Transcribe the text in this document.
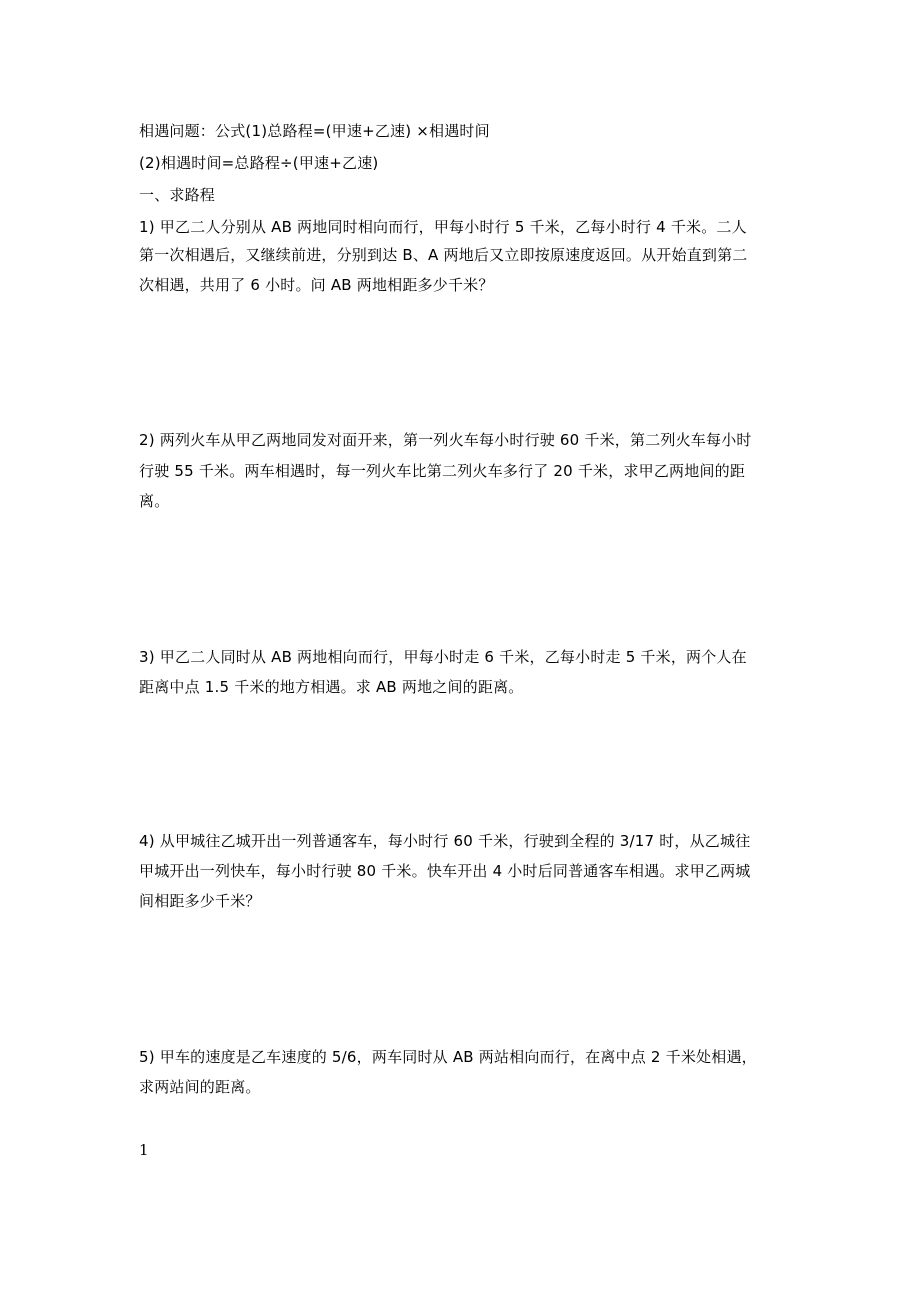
相遇问题：公式(1)总路程=(甲速+乙速) ×相遇时间
(2)相遇时间=总路程÷(甲速+乙速)
一、求路程
1) 甲乙二人分别从 AB 两地同时相向而行，甲每小时行 5 千米，乙每小时行 4 千米。二人
第一次相遇后，又继续前进，分别到达 B、A 两地后又立即按原速度返回。从开始直到第二
次相遇，共用了 6 小时。问 AB 两地相距多少千米？
2) 两列火车从甲乙两地同发对面开来，第一列火车每小时行驶 60 千米，第二列火车每小时
行驶 55 千米。两车相遇时，每一列火车比第二列火车多行了 20 千米，求甲乙两地间的距
离。
3) 甲乙二人同时从 AB 两地相向而行，甲每小时走 6 千米，乙每小时走 5 千米，两个人在
距离中点 1.5 千米的地方相遇。求 AB 两地之间的距离。
4) 从甲城往乙城开出一列普通客车，每小时行 60 千米，行驶到全程的 3/17 时，从乙城往
甲城开出一列快车，每小时行驶 80 千米。快车开出 4 小时后同普通客车相遇。求甲乙两城
间相距多少千米？
5) 甲车的速度是乙车速度的 5/6，两车同时从 AB 两站相向而行，在离中点 2 千米处相遇，
求两站间的距离。
1
